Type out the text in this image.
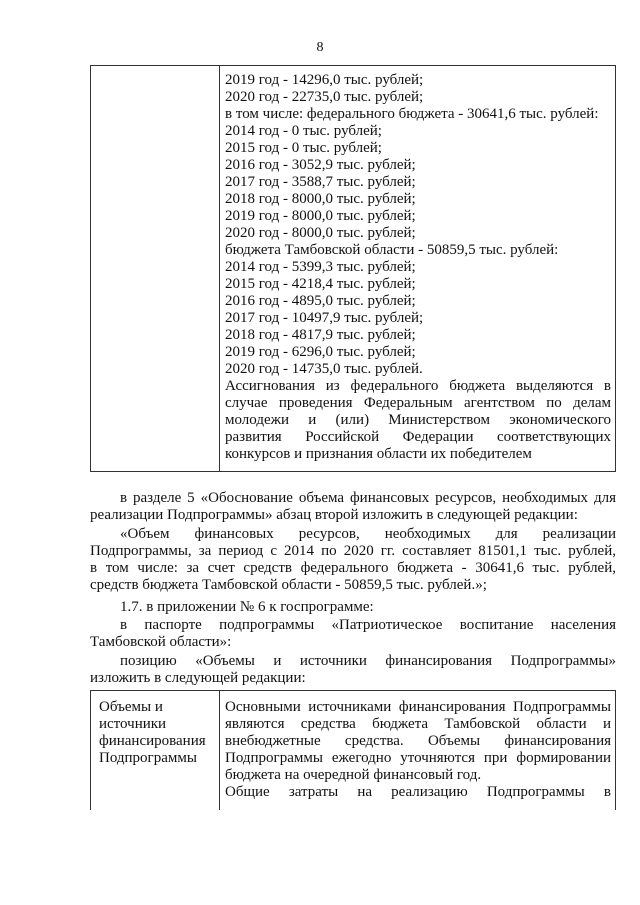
8
2019 год - 14296,0 тыс. рублей;
2020 год - 22735,0 тыс. рублей;
в том числе: федерального бюджета - 30641,6 тыс. рублей:
2014 год - 0 тыс. рублей;
2015 год - 0 тыс. рублей;
2016 год - 3052,9 тыс. рублей;
2017 год - 3588,7 тыс. рублей;
2018 год - 8000,0 тыс. рублей;
2019 год - 8000,0 тыс. рублей;
2020 год - 8000,0 тыс. рублей;
бюджета Тамбовской области - 50859,5 тыс. рублей:
2014 год - 5399,3 тыс. рублей;
2015 год - 4218,4 тыс. рублей;
2016 год - 4895,0 тыс. рублей;
2017 год - 10497,9 тыс. рублей;
2018 год - 4817,9 тыс. рублей;
2019 год - 6296,0 тыс. рублей;
2020 год - 14735,0 тыс. рублей.
Ассигнования из федерального бюджета выделяются в
случае проведения Федеральным агентством по делам
молодежи и (или) Министерством экономического
развития Российской Федерации соответствующих
конкурсов и признания области их победителем
в разделе 5 «Обоснование объема финансовых ресурсов, необходимых для
реализации Подпрограммы» абзац второй изложить в следующей редакции:
«Объем финансовых ресурсов, необходимых для реализации
Подпрограммы, за период с 2014 по 2020 гг. составляет 81501,1 тыс. рублей,
в том числе: за счет средств федерального бюджета - 30641,6 тыс. рублей,
средств бюджета Тамбовской области - 50859,5 тыс. рублей.»;
1.7. в приложении № 6 к госпрограмме:
в паспорте подпрограммы «Патриотическое воспитание населения
Тамбовской области»:
позицию «Объемы и источники финансирования Подпрограммы»
изложить в следующей редакции:
Объемы и
источники
финансирования
Подпрограммы
Основными источниками финансирования Подпрограммы
являются средства бюджета Тамбовской области и
внебюджетные средства. Объемы финансирования
Подпрограммы ежегодно уточняются при формировании
бюджета на очередной финансовый год.
Общие затраты на реализацию Подпрограммы в
